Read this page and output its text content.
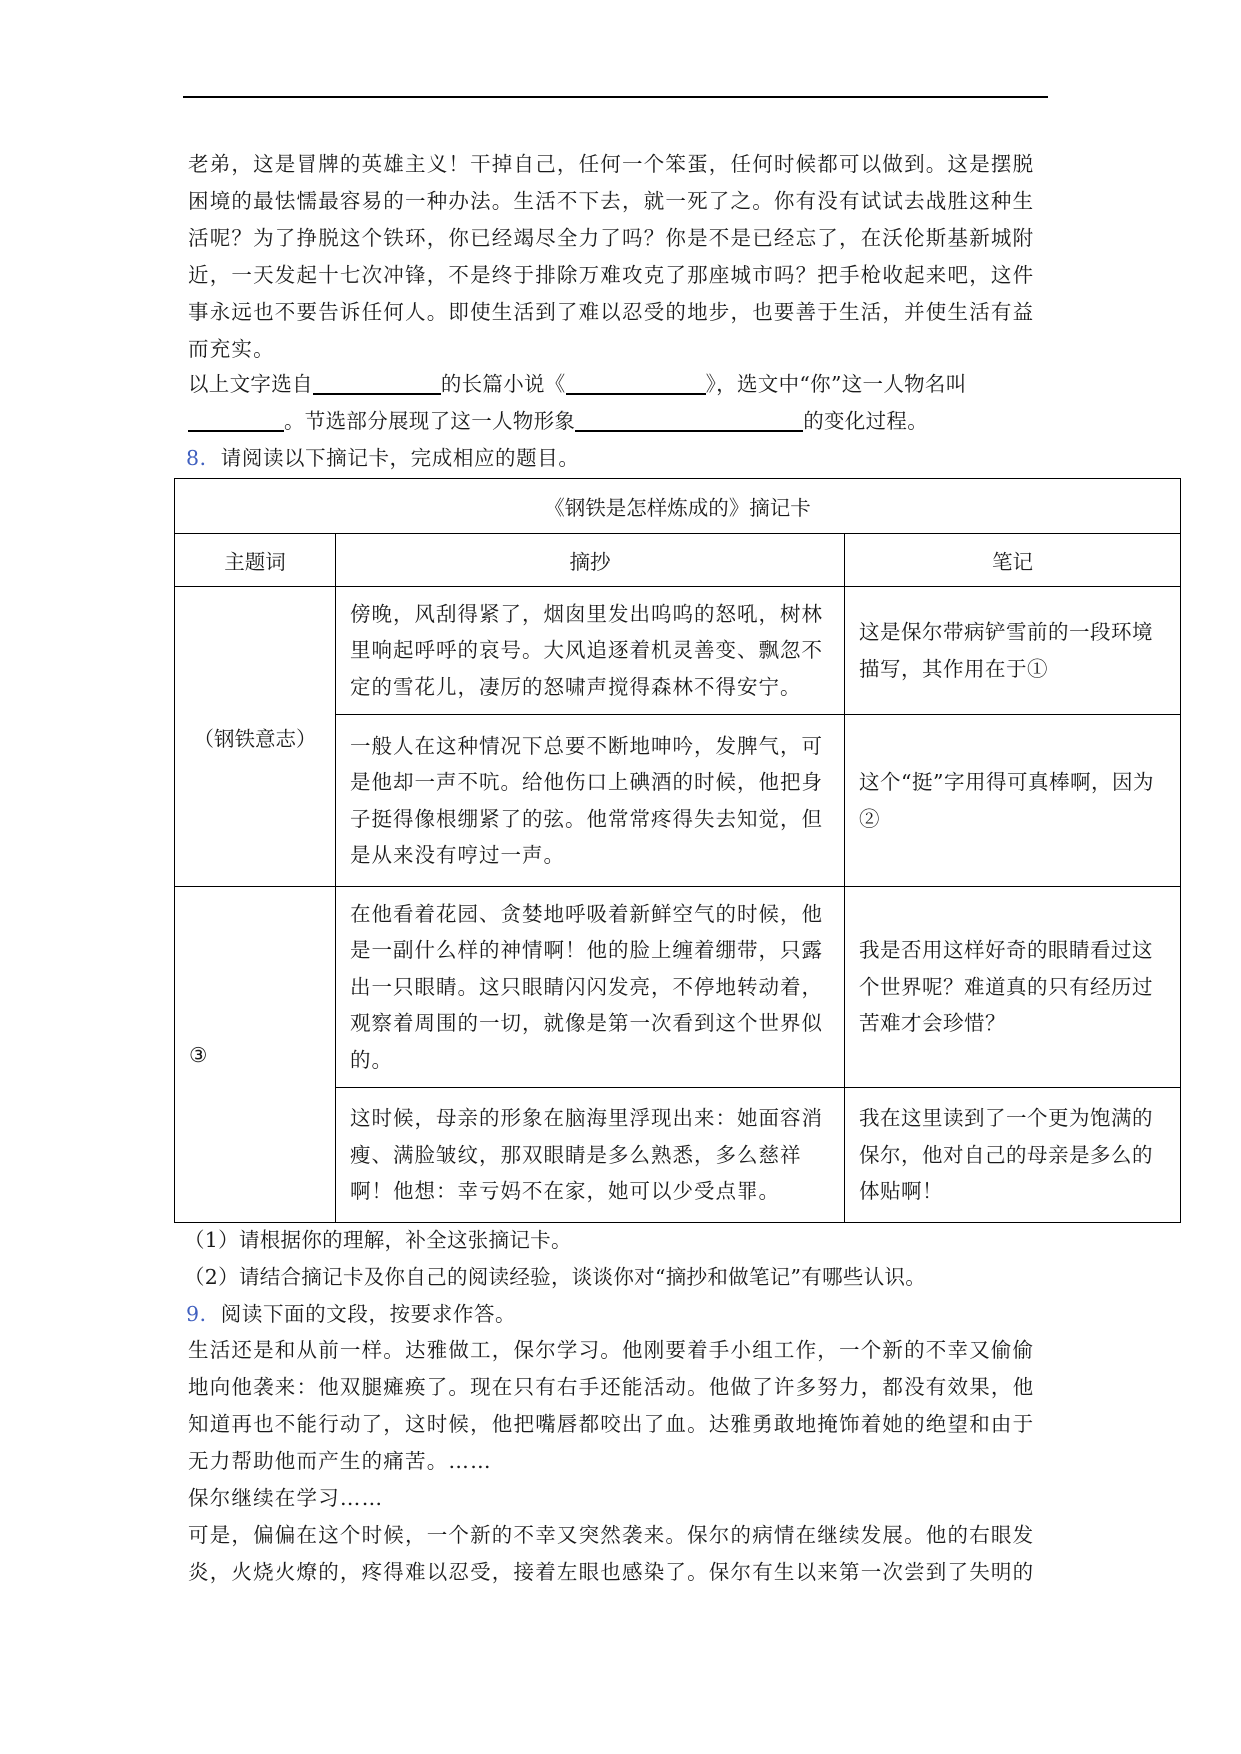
老弟，这是冒牌的英雄主义！干掉自己，任何一个笨蛋，任何时候都可以做到。这是摆脱
困境的最怯懦最容易的一种办法。生活不下去，就一死了之。你有没有试试去战胜这种生
活呢？为了挣脱这个铁环，你已经竭尽全力了吗？你是不是已经忘了，在沃伦斯基新城附
近，一天发起十七次冲锋，不是终于排除万难攻克了那座城市吗？把手枪收起来吧，这件
事永远也不要告诉任何人。即使生活到了难以忍受的地步，也要善于生活，并使生活有益
而充实。
以上文字选自	的长篇小说《	》，选文中“你”这一人物名叫
。节选部分展现了这一人物形象	的变化过程。
8．请阅读以下摘记卡，完成相应的题目。
《钢铁是怎样炼成的》摘记卡		
主题词	摘抄	笔记
（钢铁意志）	傍晚，风刮得紧了，烟囱里发出呜呜的怒吼，树林里响起呼呼的哀号。大风追逐着机灵善变、飘忽不定的雪花儿，凄厉的怒啸声搅得森林不得安宁。	这是保尔带病铲雪前的一段环境描写，其作用在于①
	一般人在这种情况下总要不断地呻吟，发脾气，可是他却一声不吭。给他伤口上碘酒的时候，他把身子挺得像根绷紧了的弦。他常常疼得失去知觉，但是从来没有哼过一声。	这个“挺”字用得可真棒啊，因为②
③	在他看着花园、贪婪地呼吸着新鲜空气的时候，他是一副什么样的神情啊！他的脸上缠着绷带，只露出一只眼睛。这只眼睛闪闪发亮，不停地转动着，观察着周围的一切，就像是第一次看到这个世界似的。	我是否用这样好奇的眼睛看过这个世界呢？难道真的只有经历过苦难才会珍惜？
	这时候，母亲的形象在脑海里浮现出来：她面容消瘦、满脸皱纹，那双眼睛是多么熟悉，多么慈祥啊！他想：幸亏妈不在家，她可以少受点罪。	我在这里读到了一个更为饱满的保尔，他对自己的母亲是多么的体贴啊！
（1）请根据你的理解，补全这张摘记卡。
（2）请结合摘记卡及你自己的阅读经验，谈谈你对“摘抄和做笔记”有哪些认识。
9．阅读下面的文段，按要求作答。
生活还是和从前一样。达雅做工，保尔学习。他刚要着手小组工作，一个新的不幸又偷偷
地向他袭来：他双腿瘫痪了。现在只有右手还能活动。他做了许多努力，都没有效果，他
知道再也不能行动了，这时候，他把嘴唇都咬出了血。达雅勇敢地掩饰着她的绝望和由于
无力帮助他而产生的痛苦。……
保尔继续在学习……
可是，偏偏在这个时候，一个新的不幸又突然袭来。保尔的病情在继续发展。他的右眼发
炎，火烧火燎的，疼得难以忍受，接着左眼也感染了。保尔有生以来第一次尝到了失明的
